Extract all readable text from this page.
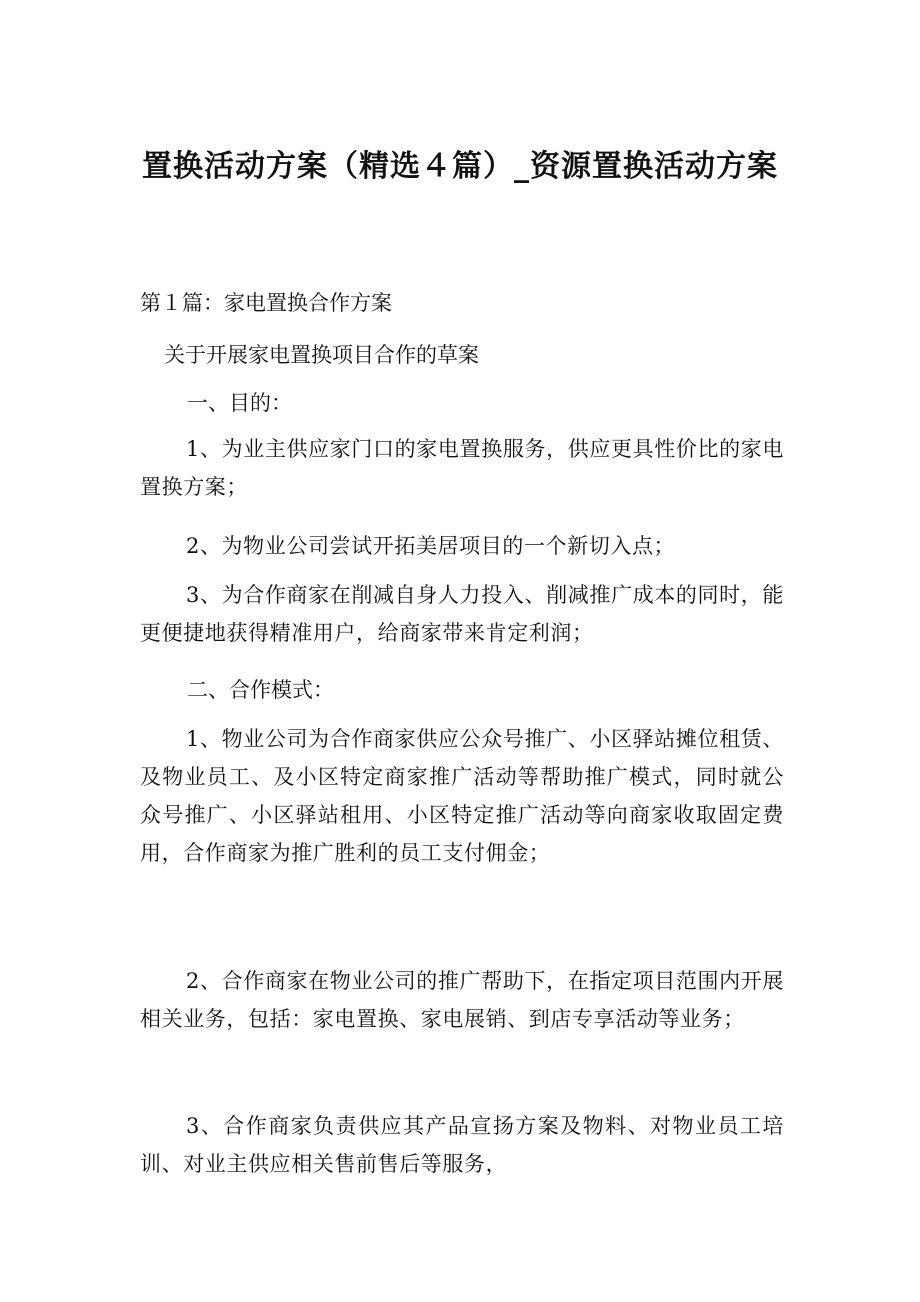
置换活动方案（精选４篇）_资源置换活动方案

第１篇：家电置换合作方案

关于开展家电置换项目合作的草案

一、目的：

1、为业主供应家门口的家电置换服务，供应更具性价比的家电置换方案；

2、为物业公司尝试开拓美居项目的一个新切入点；

3、为合作商家在削减自身人力投入、削减推广成本的同时，能更便捷地获得精准用户，给商家带来肯定利润；

二、合作模式：

1、物业公司为合作商家供应公众号推广、小区驿站摊位租赁、及物业员工、及小区特定商家推广活动等帮助推广模式，同时就公众号推广、小区驿站租用、小区特定推广活动等向商家收取固定费用，合作商家为推广胜利的员工支付佣金；

2、合作商家在物业公司的推广帮助下，在指定项目范围内开展相关业务，包括：家电置换、家电展销、到店专享活动等业务；

3、合作商家负责供应其产品宣扬方案及物料、对物业员工培训、对业主供应相关售前售后等服务，
